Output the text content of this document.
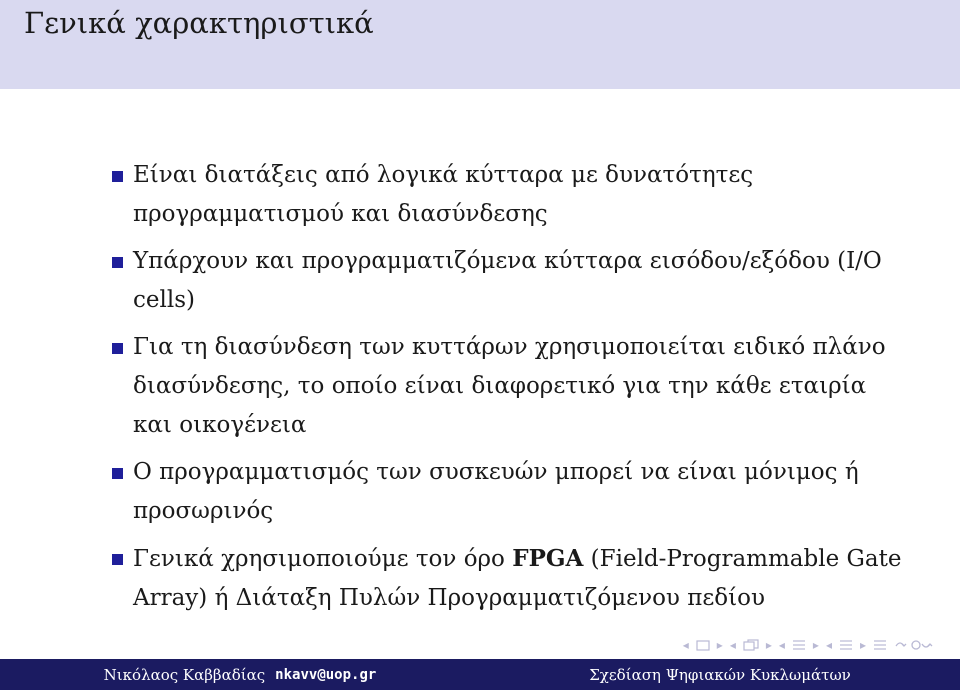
Γενικά χαρακτηριστικά
Είναι διατάξεις από λογικά κύτταρα με δυνατότητες προγραμματισμού και διασύνδεσης
Υπάρχουν και προγραμματιζόμενα κύτταρα εισόδου/εξόδου (I/O cells)
Για τη διασύνδεση των κυττάρων χρησιμοποιείται ειδικό πλάνο διασύνδεσης, το οποίο είναι διαφορετικό για την κάθε εταιρία και οικογένεια
Ο προγραμματισμός των συσκευών μπορεί να είναι μόνιμος ή προσωρινός
Γενικά χρησιμοποιούμε τον όρο FPGA (Field-Programmable Gate Array) ή Διάταξη Πυλών Προγραμματιζόμενου πεδίου
◂ ▸ ◂	▸ ◂ ▸ ◂ ▸
Νικόλαος Καββαδίας nkavv@uop.gr	Σχεδίαση Ψηφιακών Κυκλωμάτων
